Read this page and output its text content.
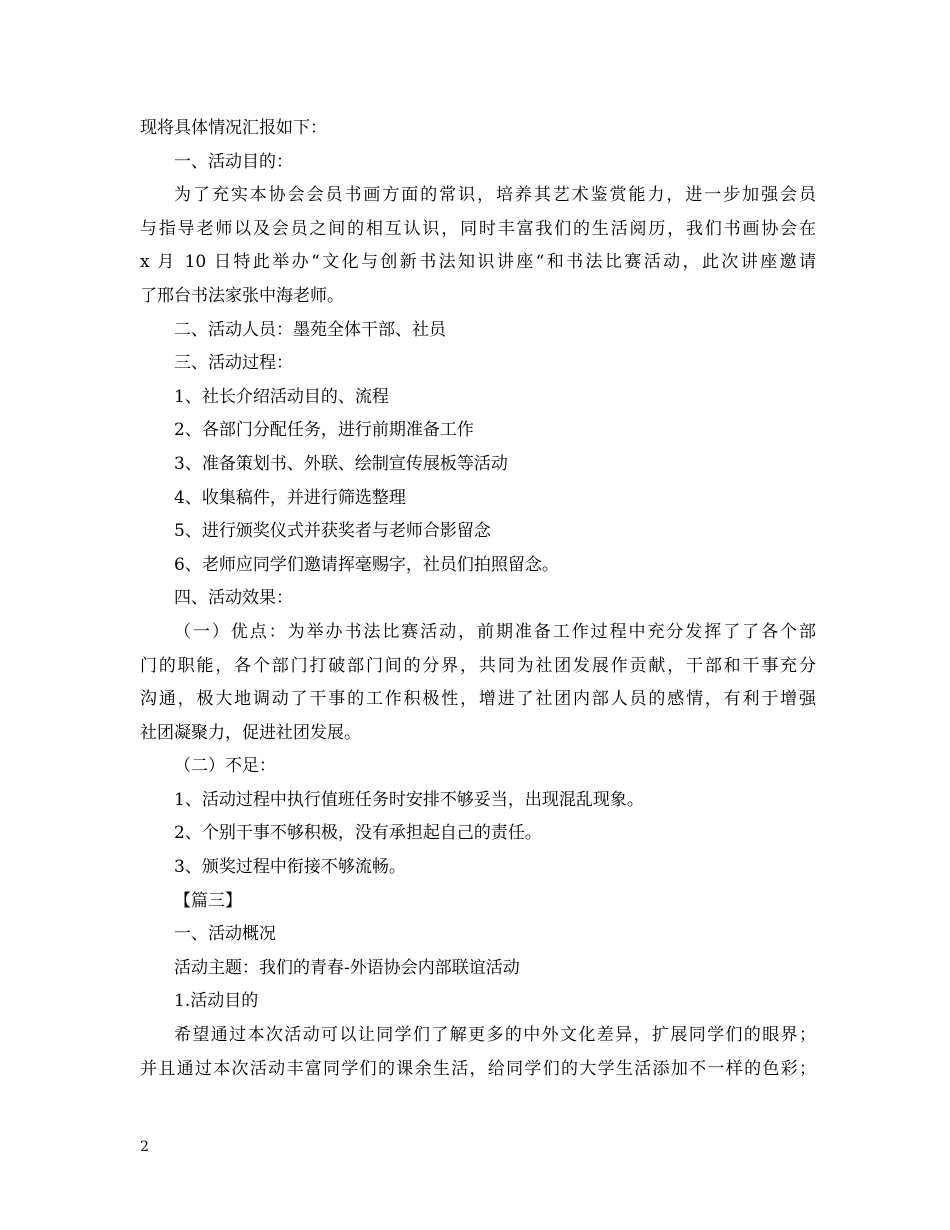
现将具体情况汇报如下：
一、活动目的：
为了充实本协会会员书画方面的常识，培养其艺术鉴赏能力，进一步加强会员
与指导老师以及会员之间的相互认识，同时丰富我们的生活阅历，我们书画协会在
x 月 10 日特此举办“文化与创新书法知识讲座“和书法比赛活动，此次讲座邀请
了邢台书法家张中海老师。
二、活动人员：墨苑全体干部、社员
三、活动过程：
1、社长介绍活动目的、流程
2、各部门分配任务，进行前期准备工作
3、准备策划书、外联、绘制宣传展板等活动
4、收集稿件，并进行筛选整理
5、进行颁奖仪式并获奖者与老师合影留念
6、老师应同学们邀请挥毫赐字，社员们拍照留念。
四、活动效果：
（一）优点：为举办书法比赛活动，前期准备工作过程中充分发挥了了各个部
门的职能，各个部门打破部门间的分界，共同为社团发展作贡献，干部和干事充分
沟通，极大地调动了干事的工作积极性，增进了社团内部人员的感情，有利于增强
社团凝聚力，促进社团发展。
（二）不足：
1、活动过程中执行值班任务时安排不够妥当，出现混乱现象。
2、个别干事不够积极，没有承担起自己的责任。
3、颁奖过程中衔接不够流畅。
【篇三】
一、活动概况
活动主题：我们的青春-外语协会内部联谊活动
1.活动目的
希望通过本次活动可以让同学们了解更多的中外文化差异，扩展同学们的眼界；
并且通过本次活动丰富同学们的课余生活，给同学们的大学生活添加不一样的色彩；
2
